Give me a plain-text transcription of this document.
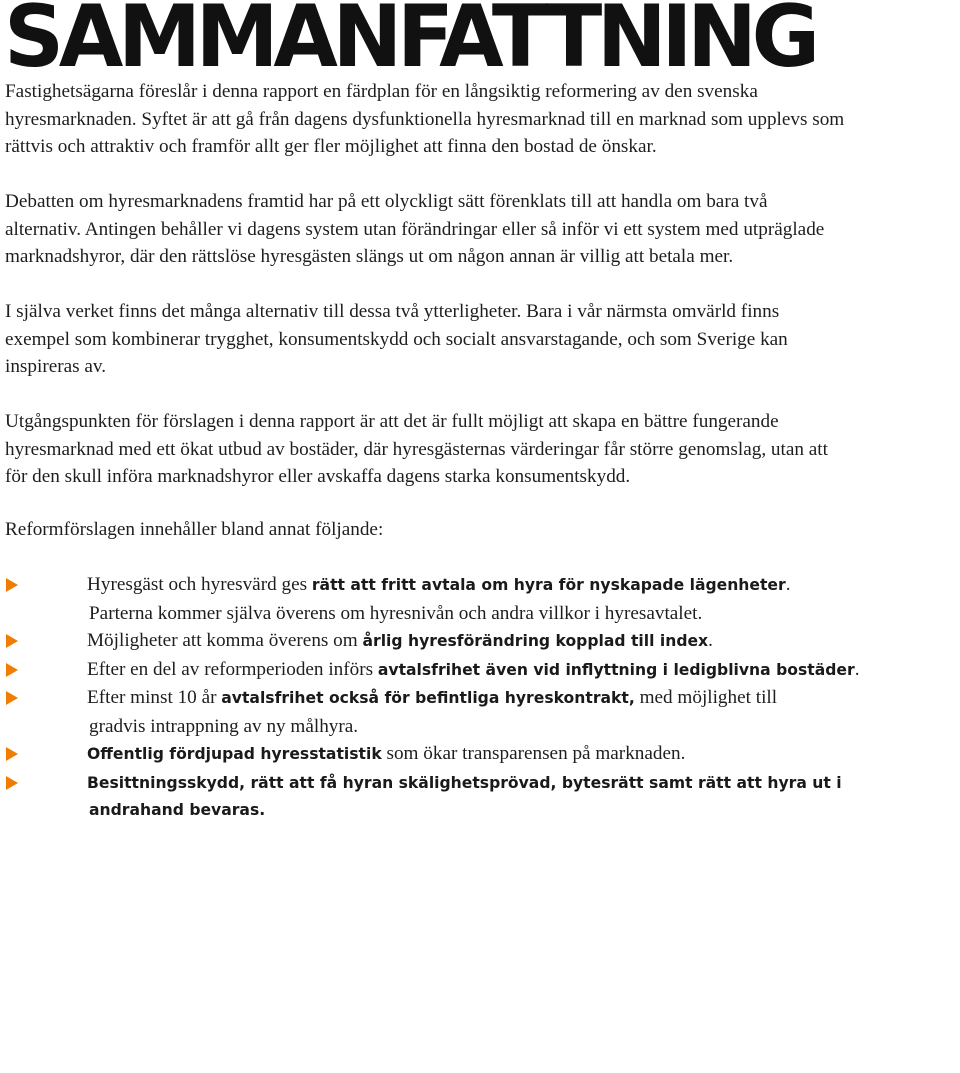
SAMMANFATTNING

Fastighetsägarna föreslår i denna rapport en färdplan för en långsiktig reformering av den svenska hyresmarknaden. Syftet är att gå från dagens dysfunktionella hyresmarknad till en marknad som upplevs som rättvis och attraktiv och framför allt ger fler möjlighet att finna den bostad de önskar.

Debatten om hyresmarknadens framtid har på ett olyckligt sätt förenklats till att handla om bara två alternativ. Antingen behåller vi dagens system utan förändringar eller så inför vi ett system med utpräglade marknadshyror, där den rättslöse hyresgästen slängs ut om någon annan är villig att betala mer.

I själva verket finns det många alternativ till dessa två ytterligheter. Bara i vår närmsta omvärld finns exempel som kombinerar trygghet, konsumentskydd och socialt ansvarstagande, och som Sverige kan inspireras av.

Utgångspunkten för förslagen i denna rapport är att det är fullt möjligt att skapa en bättre fungerande hyresmarknad med ett ökat utbud av bostäder, där hyresgästernas värderingar får större genomslag, utan att för den skull införa marknadshyror eller avskaffa dagens starka konsumentskydd.

Reformförslagen innehåller bland annat följande:

Hyresgäst och hyresvärd ges rätt att fritt avtala om hyra för nyskapade lägenheter.
Parterna kommer själva överens om hyresnivån och andra villkor i hyresavtalet.
Möjligheter att komma överens om årlig hyresförändring kopplad till index.
Efter en del av reformperioden införs avtalsfrihet även vid inflyttning i ledigblivna bostäder.
Efter minst 10 år avtalsfrihet också för befintliga hyreskontrakt, med möjlighet till
gradvis intrappning av ny målhyra.
Offentlig fördjupad hyresstatistik som ökar transparensen på marknaden.
Besittningsskydd, rätt att få hyran skälighetsprövad, bytesrätt samt rätt att hyra ut i
andrahand bevaras.
